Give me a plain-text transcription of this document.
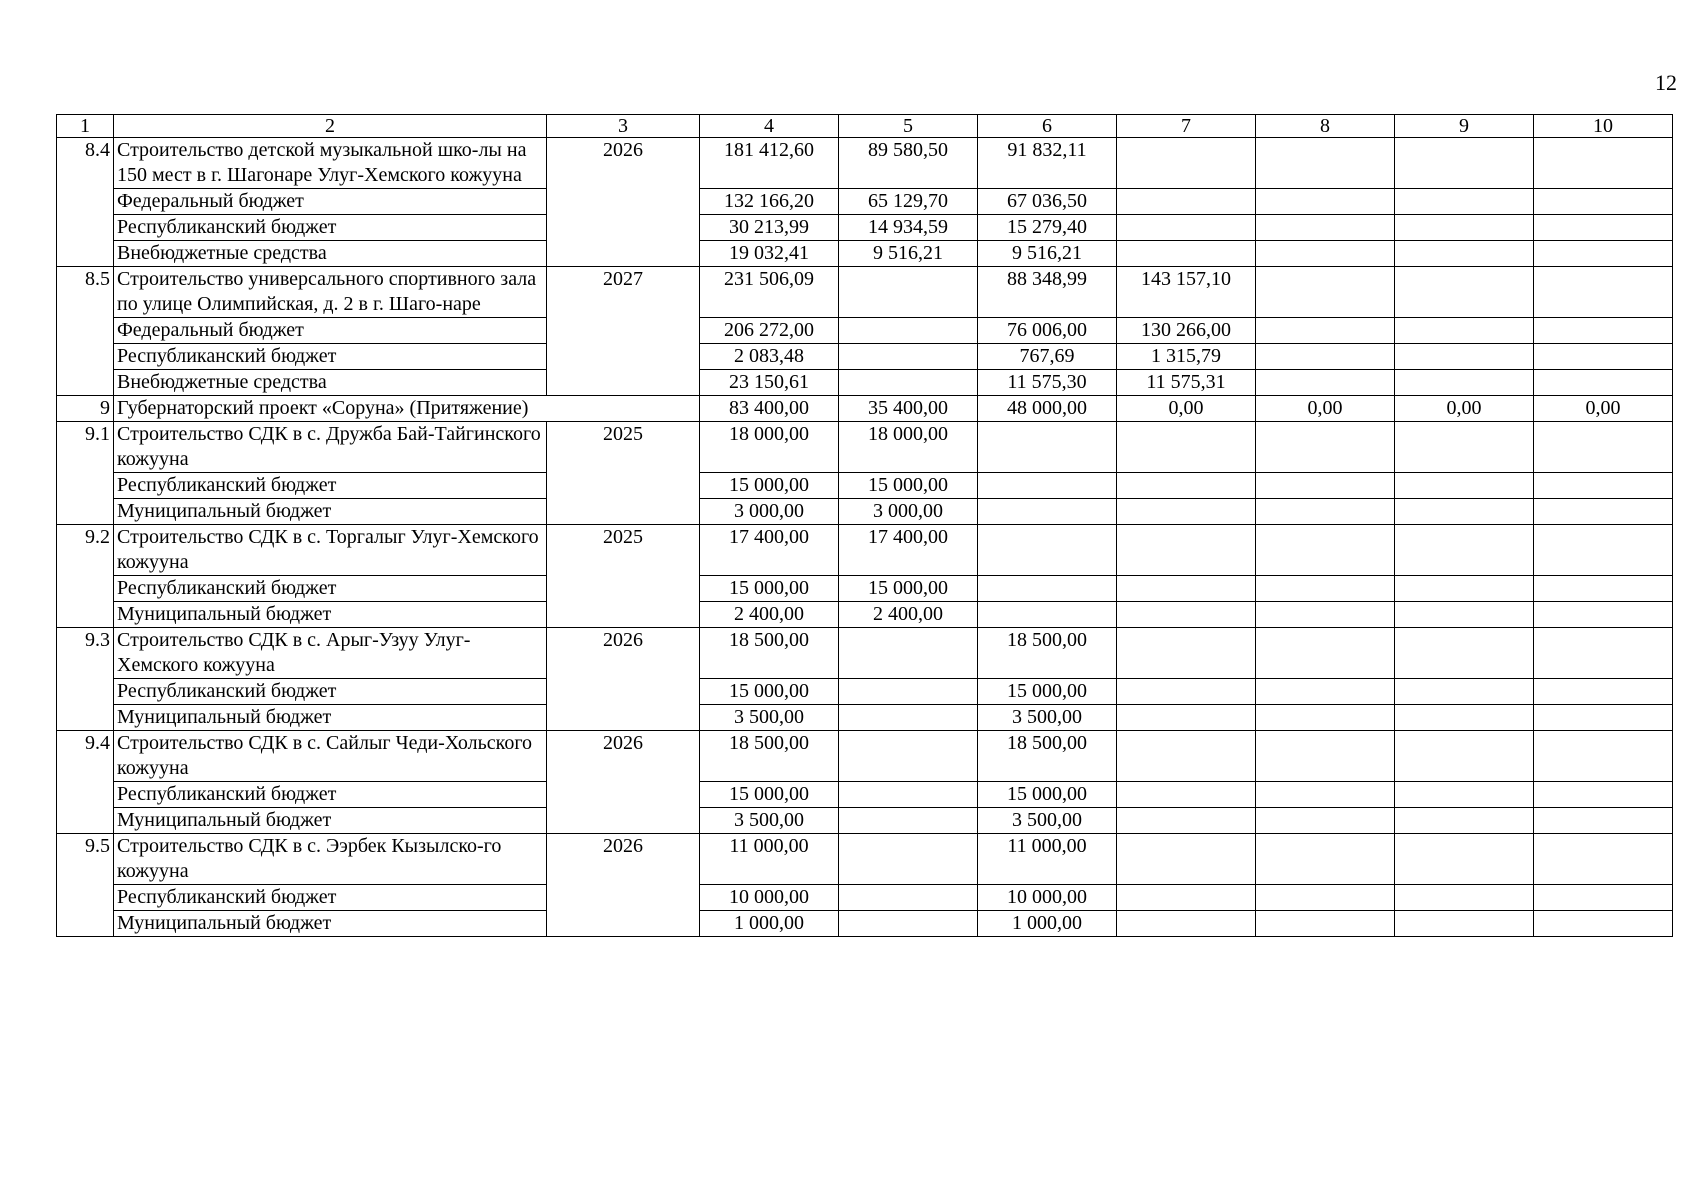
12
1	2	3	4	5	6	7	8	9	10
8.4	Строительство детской музыкальной шко-лы на 150 мест в г. Шагонаре Улуг-Хемского кожууна	2026	181 412,60	89 580,50	91 832,11				
	Федеральный бюджет		132 166,20	65 129,70	67 036,50				
	Республиканский бюджет		30 213,99	14 934,59	15 279,40				
	Внебюджетные средства		19 032,41	9 516,21	9 516,21				
8.5	Строительство универсального спортивного зала по улице Олимпийская, д. 2 в г. Шаго-наре	2027	231 506,09		88 348,99	143 157,10			
	Федеральный бюджет		206 272,00		76 006,00	130 266,00			
	Республиканский бюджет		2 083,48		767,69	1 315,79			
	Внебюджетные средства		23 150,61		11 575,30	11 575,31			
9	Губернаторский проект «Соруна» (Притяжение)		83 400,00	35 400,00	48 000,00	0,00	0,00	0,00	0,00
9.1	Строительство СДК в с. Дружба Бай-Тайгинского кожууна	2025	18 000,00	18 000,00					
	Республиканский бюджет		15 000,00	15 000,00					
	Муниципальный бюджет		3 000,00	3 000,00					
9.2	Строительство СДК в с. Торгалыг Улуг-Хемского кожууна	2025	17 400,00	17 400,00					
	Республиканский бюджет		15 000,00	15 000,00					
	Муниципальный бюджет		2 400,00	2 400,00					
9.3	Строительство СДК в с. Арыг-Узуу Улуг-Хемского кожууна	2026	18 500,00		18 500,00				
	Республиканский бюджет		15 000,00		15 000,00				
	Муниципальный бюджет		3 500,00		3 500,00				
9.4	Строительство СДК в с. Сайлыг Чеди-Хольского кожууна	2026	18 500,00		18 500,00				
	Республиканский бюджет		15 000,00		15 000,00				
	Муниципальный бюджет		3 500,00		3 500,00				
9.5	Строительство СДК в с. Ээрбек Кызылско-го кожууна	2026	11 000,00		11 000,00				
	Республиканский бюджет		10 000,00		10 000,00				
	Муниципальный бюджет		1 000,00		1 000,00				
